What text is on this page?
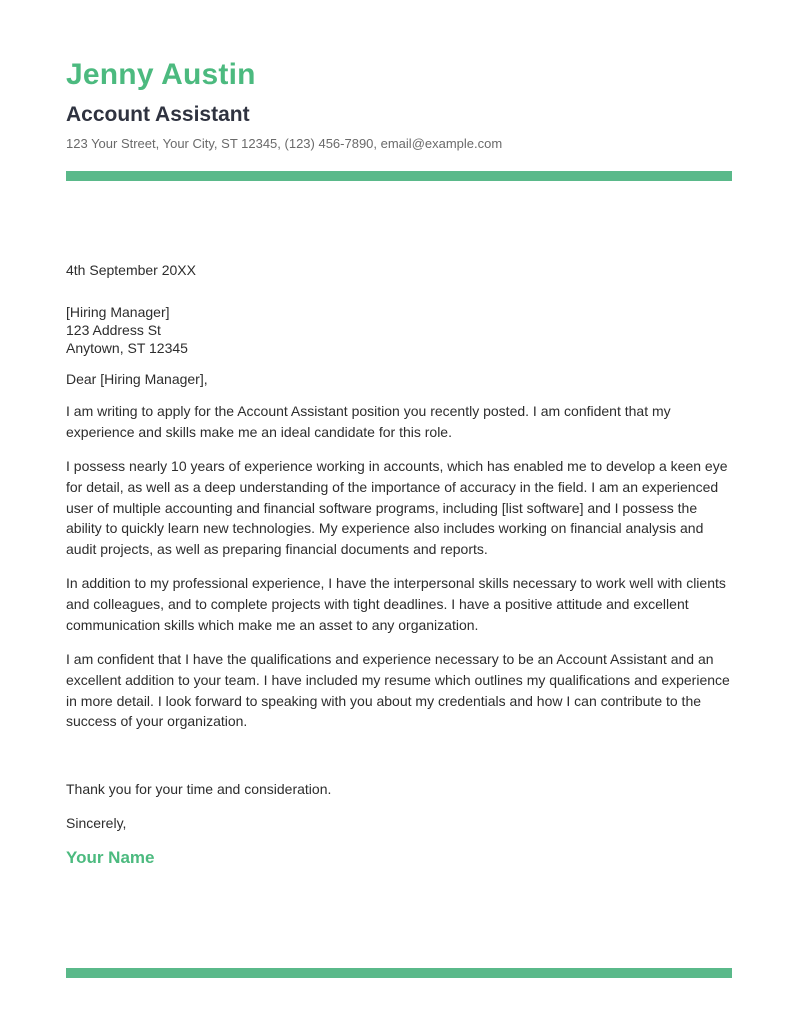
Jenny Austin
Account Assistant
123 Your Street, Your City, ST 12345, (123) 456-7890, email@example.com
4th September 20XX
[Hiring Manager]
123 Address St
Anytown, ST 12345
Dear [Hiring Manager],

I am writing to apply for the Account Assistant position you recently posted. I am confident that my experience and skills make me an ideal candidate for this role.

I possess nearly 10 years of experience working in accounts, which has enabled me to develop a keen eye for detail, as well as a deep understanding of the importance of accuracy in the field. I am an experienced user of multiple accounting and financial software programs, including [list software] and I possess the ability to quickly learn new technologies. My experience also includes working on financial analysis and audit projects, as well as preparing financial documents and reports.

In addition to my professional experience, I have the interpersonal skills necessary to work well with clients and colleagues, and to complete projects with tight deadlines. I have a positive attitude and excellent communication skills which make me an asset to any organization.

I am confident that I have the qualifications and experience necessary to be an Account Assistant and an excellent addition to your team. I have included my resume which outlines my qualifications and experience in more detail. I look forward to speaking with you about my credentials and how I can contribute to the success of your organization.

Thank you for your time and consideration.
Sincerely,
Your Name
